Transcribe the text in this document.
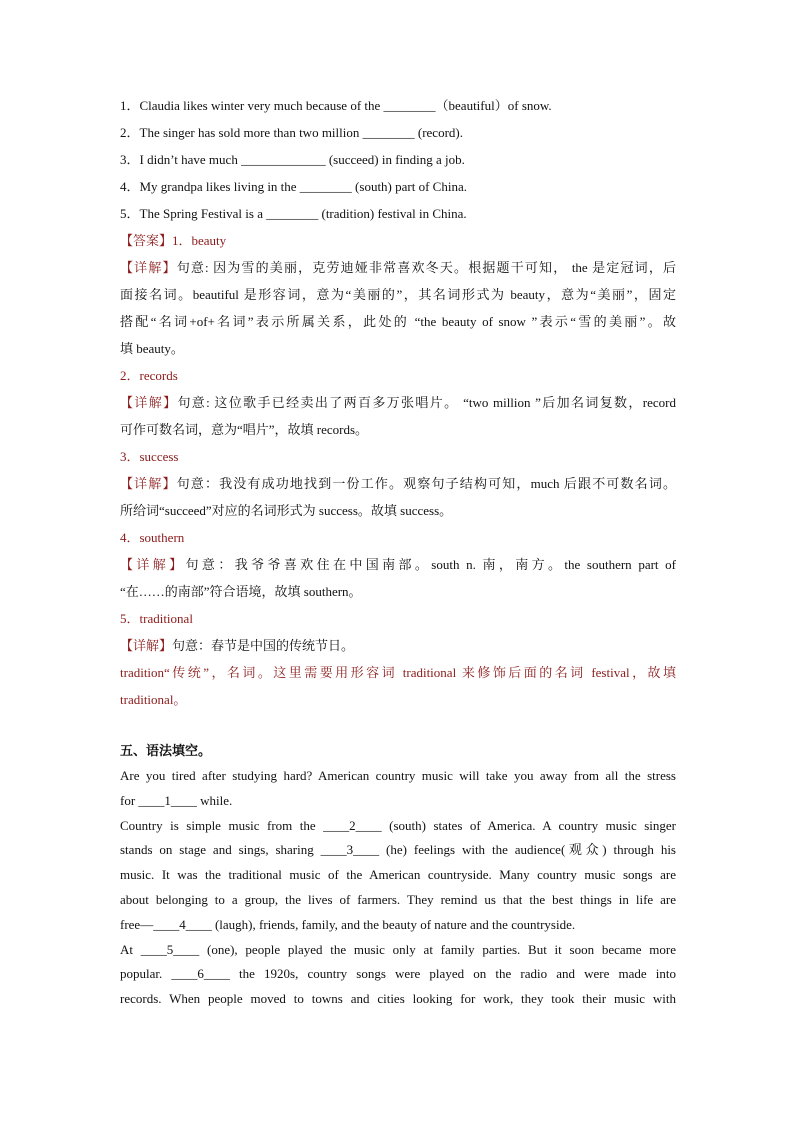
1．Claudia likes winter very much because of the ________（beautiful）of snow.
2．The singer has sold more than two million ________ (record).
3．I didn’t have much _____________ (succeed) in finding a job.
4．My grandpa likes living in the ________ (south) part of China.
5．The Spring Festival is a ________ (tradition) festival in China.
【答案】1．beauty
【详解】句意: 因为雪的美丽，克劳迪娅非常喜欢冬天。根据题干可知， the 是定冠词，后
面接名词。beautiful 是形容词，意为“美丽的”，其名词形式为 beauty，意为“美丽”，固定
搭配“名词+of+名词”表示所属关系，此处的 “the beauty of snow ”表示“雪的美丽”。故
填 beauty。
2．records
【详解】句意: 这位歌手已经卖出了两百多万张唱片。 “two million ”后加名词复数，record
可作可数名词，意为“唱片”，故填 records。
3．success
【详解】句意：我没有成功地找到一份工作。观察句子结构可知，much 后跟不可数名词。
所给词“succeed”对应的名词形式为 success。故填 success。
4．southern
【详解】句意：我爷爷喜欢住在中国南部。south n. 南，南方。the southern part of
“在……的南部”符合语境，故填 southern。
5．traditional
【详解】句意：春节是中国的传统节日。
tradition“传统”，名词。这里需要用形容词 traditional 来修饰后面的名词 festival，故填
traditional。
五、语法填空。
Are you tired after studying hard? American country music will take you away from all the stress
for ____1____ while.
Country is simple music from the ____2____ (south) states of America. A country music singer
stands on stage and sings, sharing ____3____ (he) feelings with the audience(观众) through his
music. It was the traditional music of the American countryside. Many country music songs are
about belonging to a group, the lives of farmers. They remind us that the best things in life are
free—____4____ (laugh), friends, family, and the beauty of nature and the countryside.
At ____5____ (one), people played the music only at family parties. But it soon became more
popular. ____6____ the 1920s, country songs were played on the radio and were made into
records. When people moved to towns and cities looking for work, they took their music with
